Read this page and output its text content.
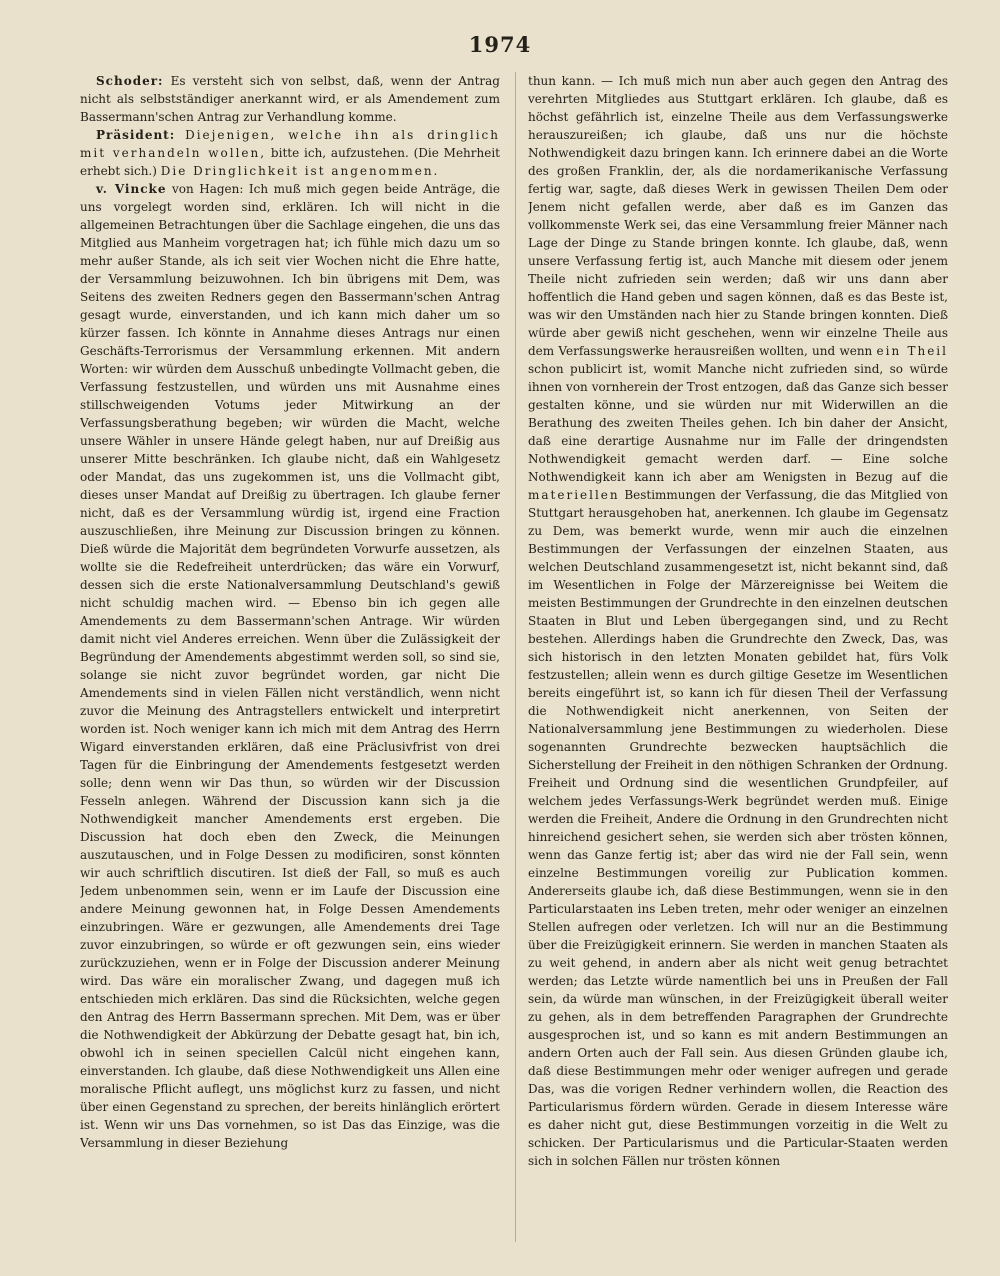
1974

Schoder: Es versteht sich von selbst, daß, wenn der Antrag nicht als selbstständiger anerkannt wird, er als Amendement zum Bassermann'schen Antrag zur Verhandlung komme.

Präsident: Diejenigen, welche ihn als dringlich mit verhandeln wollen, bitte ich, aufzustehen. (Die Mehrheit erhebt sich.) Die Dringlichkeit ist angenommen.

v. Vincke von Hagen: Ich muß mich gegen beide Anträge, die uns vorgelegt worden sind, erklären. Ich will nicht in die allgemeinen Betrachtungen über die Sachlage eingehen, die uns das Mitglied aus Manheim vorgetragen hat; ich fühle mich dazu um so mehr außer Stande, als ich seit vier Wochen nicht die Ehre hatte, der Versammlung beizuwohnen. Ich bin übrigens mit Dem, was Seitens des zweiten Redners gegen den Bassermann'schen Antrag gesagt wurde, einverstanden, und ich kann mich daher um so kürzer fassen. Ich könnte in Annahme dieses Antrags nur einen Geschäfts-Terrorismus der Versammlung erkennen. Mit andern Worten: wir würden dem Ausschuß unbedingte Vollmacht geben, die Verfassung festzustellen, und würden uns mit Ausnahme eines stillschweigenden Votums jeder Mitwirkung an der Verfassungsberathung begeben; wir würden die Macht, welche unsere Wähler in unsere Hände gelegt haben, nur auf Dreißig aus unserer Mitte beschränken. Ich glaube nicht, daß ein Wahlgesetz oder Mandat, das uns zugekommen ist, uns die Vollmacht gibt, dieses unser Mandat auf Dreißig zu übertragen. Ich glaube ferner nicht, daß es der Versammlung würdig ist, irgend eine Fraction auszuschließen, ihre Meinung zur Discussion bringen zu können. Dieß würde die Majorität dem begründeten Vorwurfe aussetzen, als wollte sie die Redefreiheit unterdrücken; das wäre ein Vorwurf, dessen sich die erste Nationalversammlung Deutschland's gewiß nicht schuldig machen wird. — Ebenso bin ich gegen alle Amendements zu dem Bassermann'schen Antrage. Wir würden damit nicht viel Anderes erreichen. Wenn über die Zulässigkeit der Begründung der Amendements abgestimmt werden soll, so sind sie, solange sie nicht zuvor begründet worden, gar nicht Die Amendements sind in vielen Fällen nicht verständlich, wenn nicht zuvor die Meinung des Antragstellers entwickelt und interpretirt worden ist. Noch weniger kann ich mich mit dem Antrag des Herrn Wigard einverstanden erklären, daß eine Präclusivfrist von drei Tagen für die Einbringung der Amendements festgesetzt werden solle; denn wenn wir Das thun, so würden wir der Discussion Fesseln anlegen. Während der Discussion kann sich ja die Nothwendigkeit mancher Amendements erst ergeben. Die Discussion hat doch eben den Zweck, die Meinungen auszutauschen, und in Folge Dessen zu modificiren, sonst könnten wir auch schriftlich discutiren. Ist dieß der Fall, so muß es auch Jedem unbenommen sein, wenn er im Laufe der Discussion eine andere Meinung gewonnen hat, in Folge Dessen Amendements einzubringen. Wäre er gezwungen, alle Amendements drei Tage zuvor einzubringen, so würde er oft gezwungen sein, eins wieder zurückzuziehen, wenn er in Folge der Discussion anderer Meinung wird. Das wäre ein moralischer Zwang, und dagegen muß ich entschieden mich erklären. Das sind die Rücksichten, welche gegen den Antrag des Herrn Bassermann sprechen. Mit Dem, was er über die Nothwendigkeit der Abkürzung der Debatte gesagt hat, bin ich, obwohl ich in seinen speciellen Calcül nicht eingehen kann, einverstanden. Ich glaube, daß diese Nothwendigkeit uns Allen eine moralische Pflicht auflegt, uns möglichst kurz zu fassen, und nicht über einen Gegenstand zu sprechen, der bereits hinlänglich erörtert ist. Wenn wir uns Das vornehmen, so ist Das das Einzige, was die Versammlung in dieser Beziehung

thun kann. — Ich muß mich nun aber auch gegen den Antrag des verehrten Mitgliedes aus Stuttgart erklären. Ich glaube, daß es höchst gefährlich ist, einzelne Theile aus dem Verfassungswerke herauszureißen; ich glaube, daß uns nur die höchste Nothwendigkeit dazu bringen kann. Ich erinnere dabei an die Worte des großen Franklin, der, als die nordamerikanische Verfassung fertig war, sagte, daß dieses Werk in gewissen Theilen Dem oder Jenem nicht gefallen werde, aber daß es im Ganzen das vollkommenste Werk sei, das eine Versammlung freier Männer nach Lage der Dinge zu Stande bringen konnte. Ich glaube, daß, wenn unsere Verfassung fertig ist, auch Manche mit diesem oder jenem Theile nicht zufrieden sein werden; daß wir uns dann aber hoffentlich die Hand geben und sagen können, daß es das Beste ist, was wir den Umständen nach hier zu Stande bringen konnten. Dieß würde aber gewiß nicht geschehen, wenn wir einzelne Theile aus dem Verfassungswerke herausreißen wollten, und wenn ein Theil schon publicirt ist, womit Manche nicht zufrieden sind, so würde ihnen von vornherein der Trost entzogen, daß das Ganze sich besser gestalten könne, und sie würden nur mit Widerwillen an die Berathung des zweiten Theiles gehen. Ich bin daher der Ansicht, daß eine derartige Ausnahme nur im Falle der dringendsten Nothwendigkeit gemacht werden darf. — Eine solche Nothwendigkeit kann ich aber am Wenigsten in Bezug auf die materiellen Bestimmungen der Verfassung, die das Mitglied von Stuttgart herausgehoben hat, anerkennen. Ich glaube im Gegensatz zu Dem, was bemerkt wurde, wenn mir auch die einzelnen Bestimmungen der Verfassungen der einzelnen Staaten, aus welchen Deutschland zusammengesetzt ist, nicht bekannt sind, daß im Wesentlichen in Folge der Märzereignisse bei Weitem die meisten Bestimmungen der Grundrechte in den einzelnen deutschen Staaten in Blut und Leben übergegangen sind, und zu Recht bestehen. Allerdings haben die Grundrechte den Zweck, Das, was sich historisch in den letzten Monaten gebildet hat, fürs Volk festzustellen; allein wenn es durch giltige Gesetze im Wesentlichen bereits eingeführt ist, so kann ich für diesen Theil der Verfassung die Nothwendigkeit nicht anerkennen, von Seiten der Nationalversammlung jene Bestimmungen zu wiederholen. Diese sogenannten Grundrechte bezwecken hauptsächlich die Sicherstellung der Freiheit in den nöthigen Schranken der Ordnung. Freiheit und Ordnung sind die wesentlichen Grundpfeiler, auf welchem jedes Verfassungs-Werk begründet werden muß. Einige werden die Freiheit, Andere die Ordnung in den Grundrechten nicht hinreichend gesichert sehen, sie werden sich aber trösten können, wenn das Ganze fertig ist; aber das wird nie der Fall sein, wenn einzelne Bestimmungen voreilig zur Publication kommen. Andererseits glaube ich, daß diese Bestimmungen, wenn sie in den Particularstaaten ins Leben treten, mehr oder weniger an einzelnen Stellen aufregen oder verletzen. Ich will nur an die Bestimmung über die Freizügigkeit erinnern. Sie werden in manchen Staaten als zu weit gehend, in andern aber als nicht weit genug betrachtet werden; das Letzte würde namentlich bei uns in Preußen der Fall sein, da würde man wünschen, in der Freizügigkeit überall weiter zu gehen, als in dem betreffenden Paragraphen der Grundrechte ausgesprochen ist, und so kann es mit andern Bestimmungen an andern Orten auch der Fall sein. Aus diesen Gründen glaube ich, daß diese Bestimmungen mehr oder weniger aufregen und gerade Das, was die vorigen Redner verhindern wollen, die Reaction des Particularismus fördern würden. Gerade in diesem Interesse wäre es daher nicht gut, diese Bestimmungen vorzeitig in die Welt zu schicken. Der Particularismus und die Particular-Staaten werden sich in solchen Fällen nur trösten können
